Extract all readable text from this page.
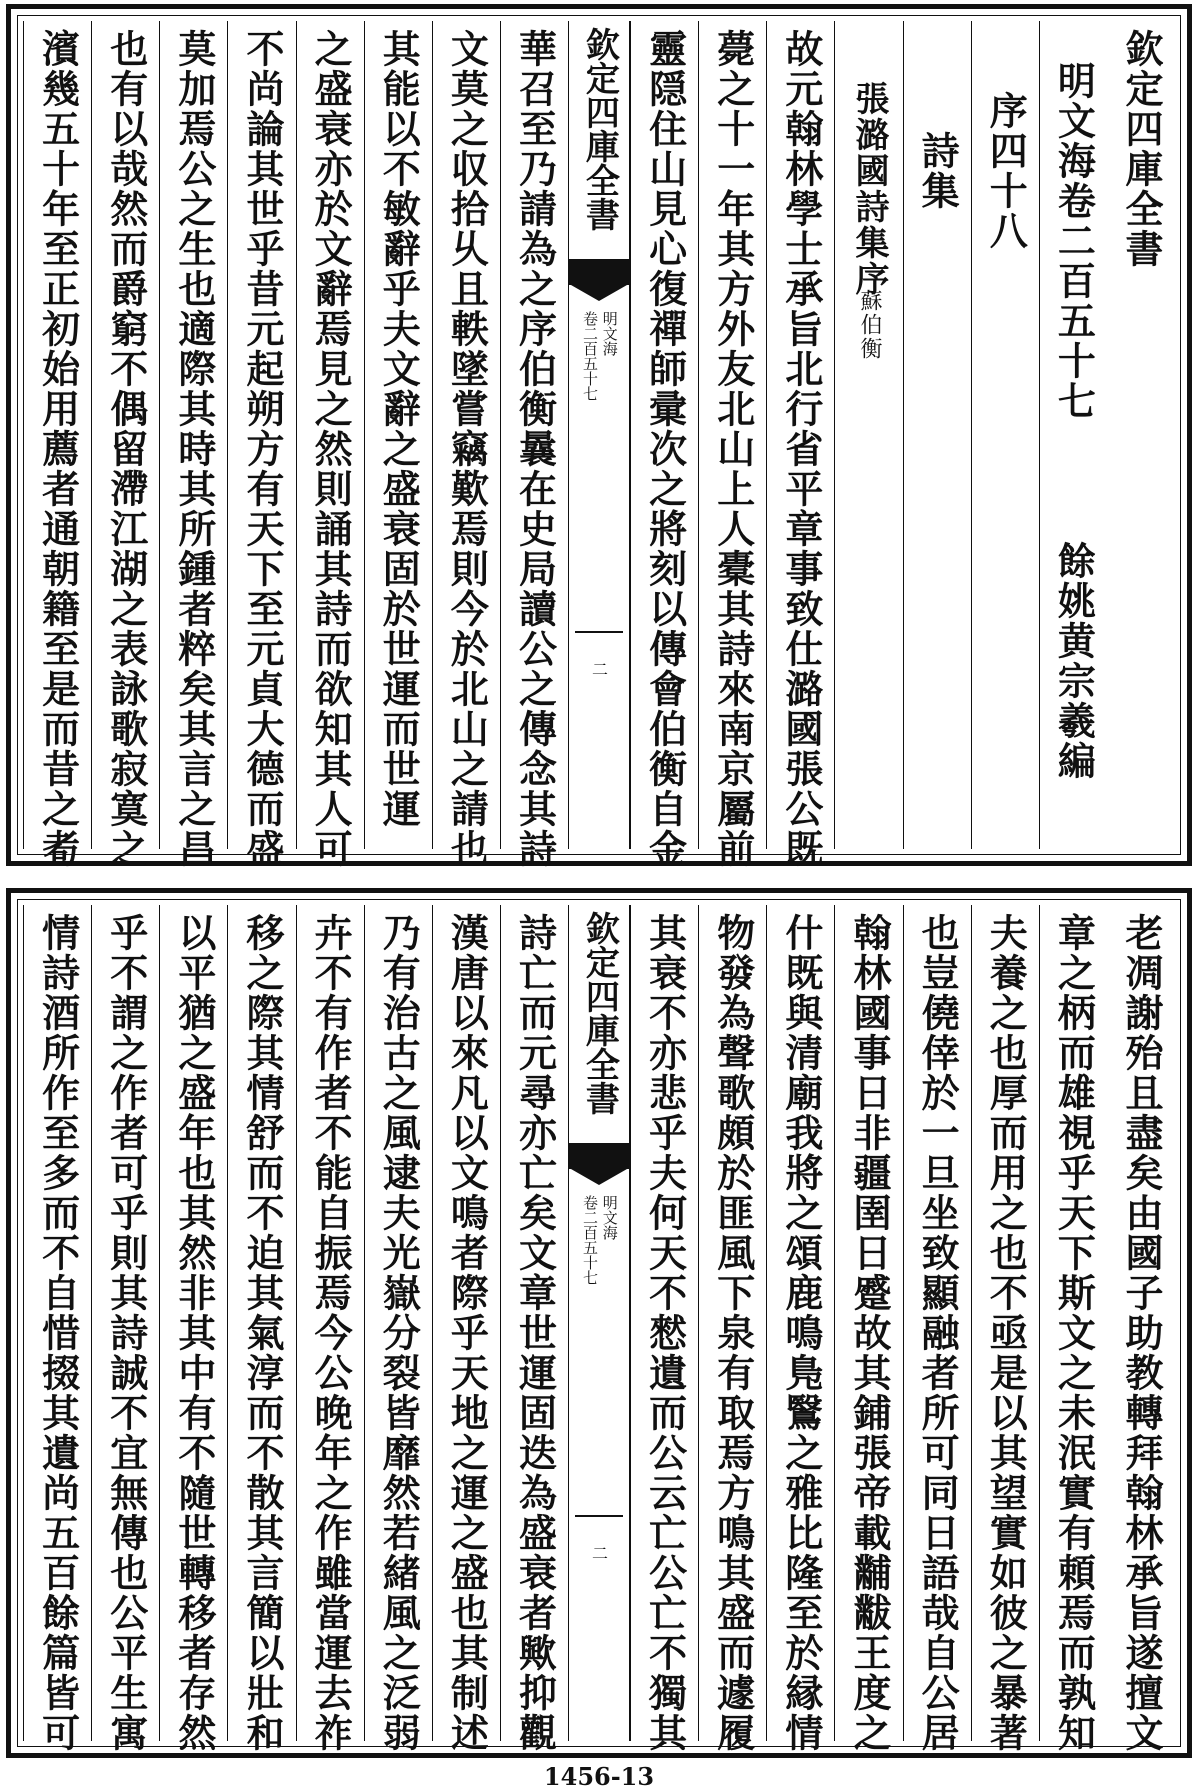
欽定四庫全書
明文海卷二百五十七
餘姚黄宗羲編
序四十八
詩集
張潞國詩集序
蘇伯衡
故元翰林學士承旨北行省平章事致仕潞國張公既
薨之十一年其方外友北山上人橐其詩來南京屬前
靈隠住山見心復禪師彚次之將刻以傳會伯衡自金
欽定四庫全書
明文海
卷二百五十七
二
華召至乃請為之序伯衡曩在史局讀公之傳念其詩
文莫之収拾乆且軼墜嘗竊歎焉則今於北山之請也
其能以不敏辭乎夫文辭之盛衰固於世運而世運
之盛衰亦於文辭焉見之然則誦其詩而欲知其人可
不尚論其世乎昔元起朔方有天下至元貞大德而盛
莫加焉公之生也適際其時其所鍾者粹矣其言之昌
也有以哉然而爵窮不偶留滯江湖之表詠歌寂寞之
濱幾五十年至正初始用薦者通朝籍至是而昔之耇
老凋謝殆且盡矣由國子助教轉拜翰林承旨遂擅文
章之柄而雄視乎天下斯文之未泯實有頼焉而孰知
夫養之也厚而用之也不亟是以其望實如彼之暴著
也豈僥倖於一旦坐致顯融者所可同日語哉自公居
翰林國事日非疆圉日蹙故其鋪張帝載黼黻王度之
什既與清廟我將之頌鹿鳴鳬鷖之雅比隆至於縁情
物發為聲歌頗於匪風下泉有取焉方鳴其盛而遽履
其衰不亦悲乎夫何天不憖遺而公云亡公亡不獨其
欽定四庫全書
明文海
卷二百五十七
二
詩亡而元尋亦亡矣文章世運固迭為盛衰者歟抑觀
漢唐以來凡以文鳴者際乎天地之運之盛也其制述
乃有治古之風逮夫光嶽分裂皆靡然若緒風之泛弱
卉不有作者不能自振焉今公晚年之作雖當運去祚
移之際其情舒而不迫其氣淳而不散其言簡以壯和
以平猶之盛年也其然非其中有不隨世轉移者存然
乎不謂之作者可乎則其詩誠不宜無傳也公平生寓
情詩酒所作至多而不自惜掇其遺尚五百餘篇皆可
1456-13
